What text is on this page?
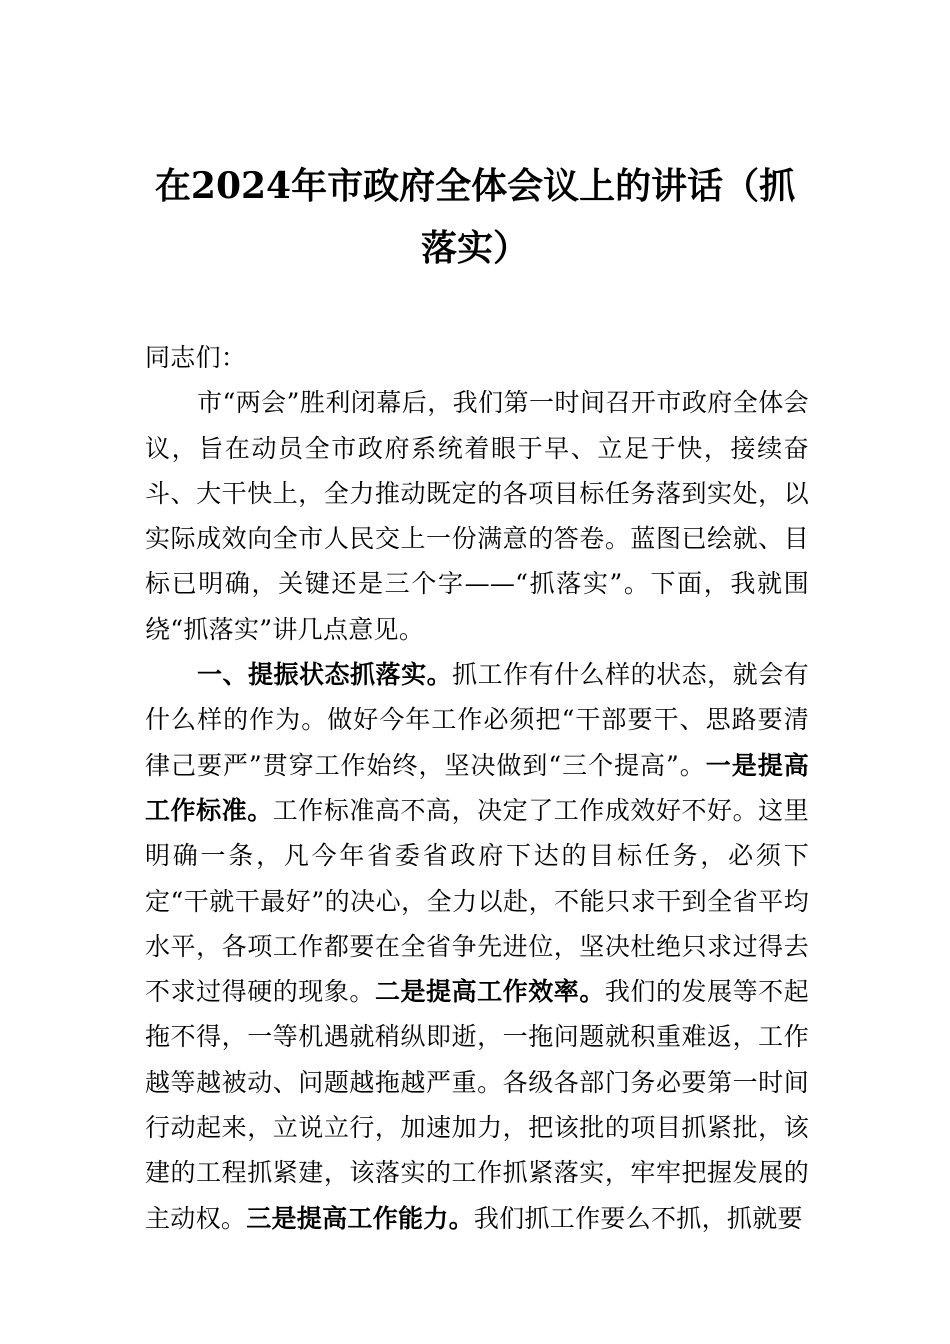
在2024年市政府全体会议上的讲话（抓落实）

同志们：

市“两会”胜利闭幕后，我们第一时间召开市政府全体会议，旨在动员全市政府系统着眼于早、立足于快，接续奋斗、大干快上，全力推动既定的各项目标任务落到实处，以实际成效向全市人民交上一份满意的答卷。蓝图已绘就、目标已明确，关键还是三个字——“抓落实”。下面，我就围绕“抓落实”讲几点意见。

一、提振状态抓落实。抓工作有什么样的状态，就会有什么样的作为。做好今年工作必须把“干部要干、思路要清律己要严”贯穿工作始终，坚决做到“三个提高”。一是提高工作标准。工作标准高不高，决定了工作成效好不好。这里明确一条，凡今年省委省政府下达的目标任务，必须下定“干就干最好”的决心，全力以赴，不能只求干到全省平均水平，各项工作都要在全省争先进位，坚决杜绝只求过得去不求过得硬的现象。二是提高工作效率。我们的发展等不起拖不得，一等机遇就稍纵即逝，一拖问题就积重难返，工作越等越被动、问题越拖越严重。各级各部门务必要第一时间行动起来，立说立行，加速加力，把该批的项目抓紧批，该建的工程抓紧建，该落实的工作抓紧落实，牢牢把握发展的主动权。三是提高工作能力。我们抓工作要么不抓，抓就要
